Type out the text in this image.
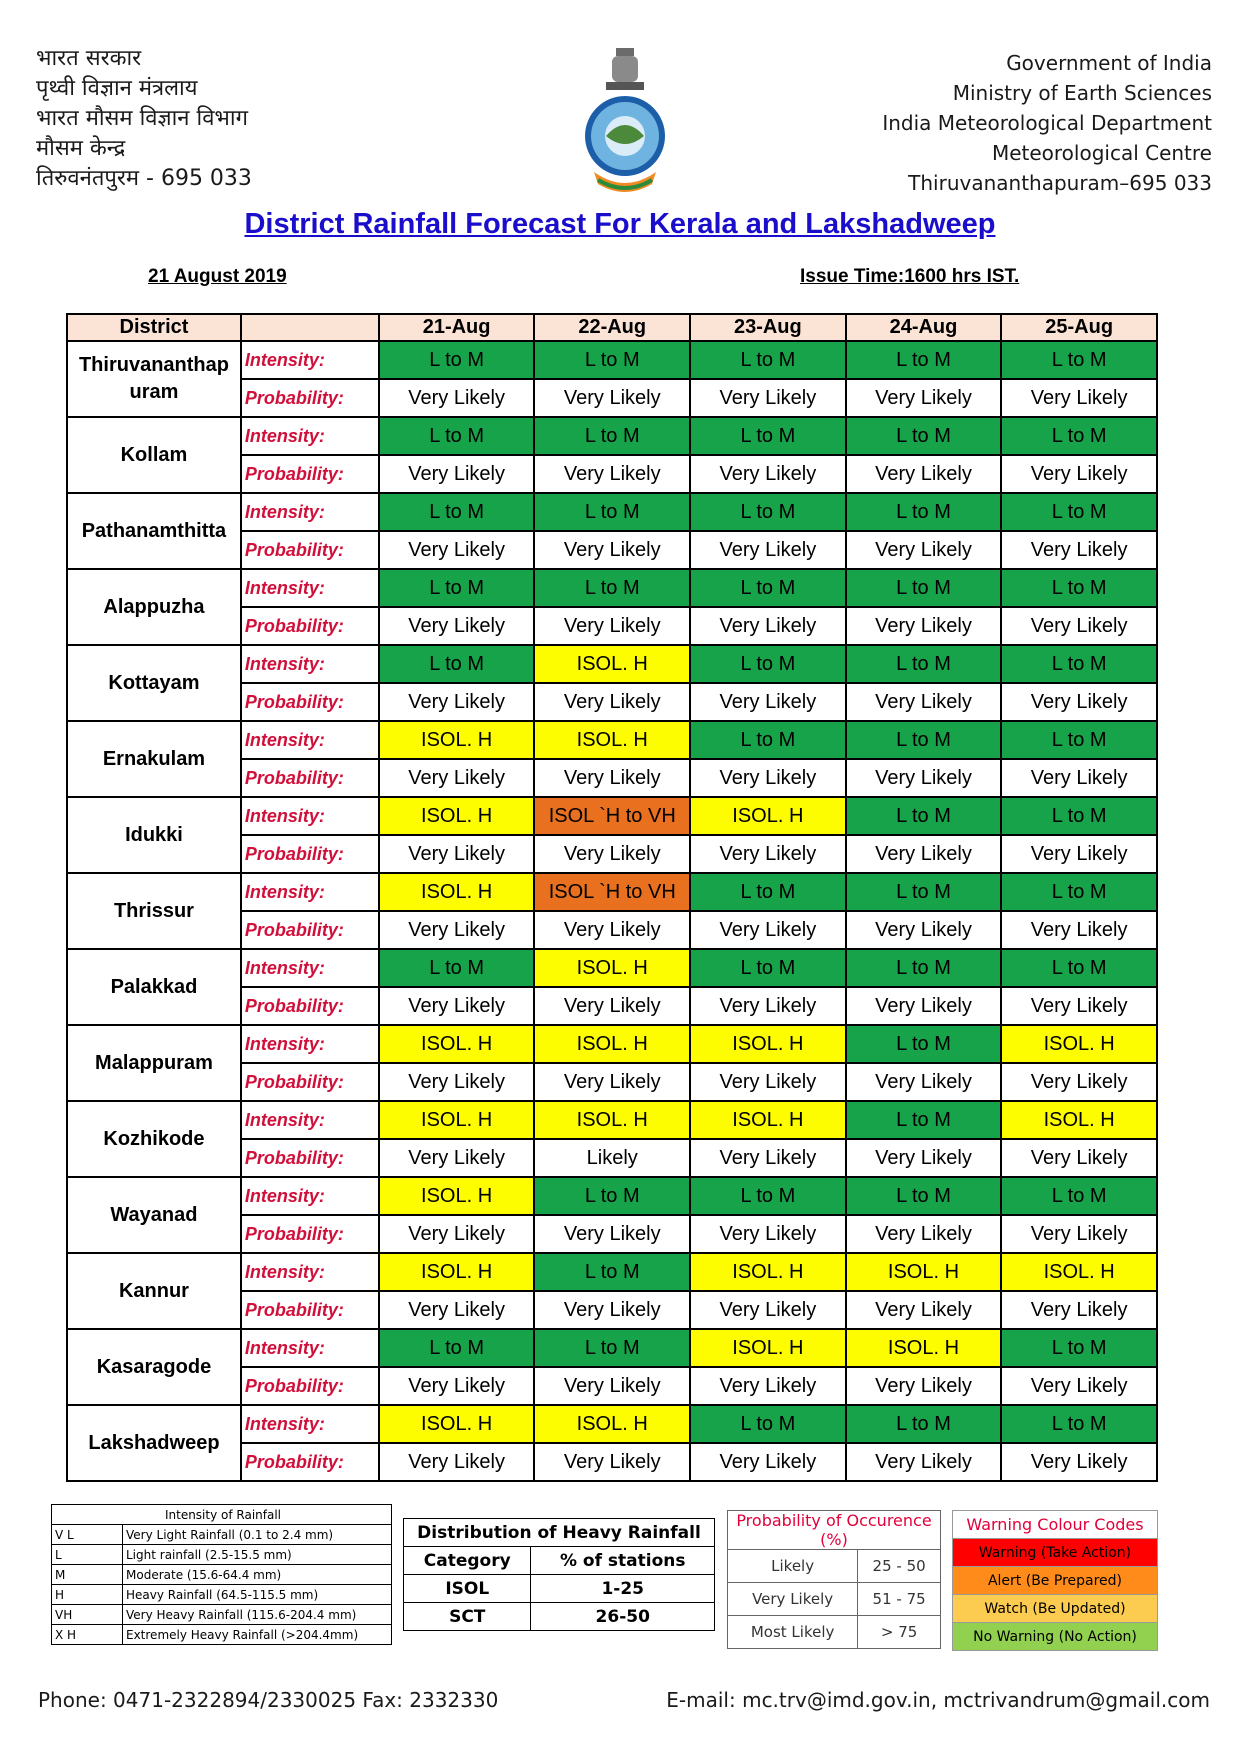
भारत सरकार
पृथ्वी विज्ञान मंत्रलाय
भारत मौसम विज्ञान विभाग
मौसम केन्द्र
तिरुवनंतपुरम - 695 033
Government of India
Ministry of Earth Sciences
India Meteorological Department
Meteorological Centre
Thiruvananthapuram–695 033
District Rainfall Forecast For Kerala and Lakshadweep
21 August 2019	Issue Time:1600 hrs IST.
District		21-Aug	22-Aug	23-Aug	24-Aug	25-Aug
Thiruvananthap uram	Intensity:	L to M	L to M	L to M	L to M	L to M
	Probability:	Very Likely	Very Likely	Very Likely	Very Likely	Very Likely
Kollam	Intensity:	L to M	L to M	L to M	L to M	L to M
	Probability:	Very Likely	Very Likely	Very Likely	Very Likely	Very Likely
Pathanamthitta	Intensity:	L to M	L to M	L to M	L to M	L to M
	Probability:	Very Likely	Very Likely	Very Likely	Very Likely	Very Likely
Alappuzha	Intensity:	L to M	L to M	L to M	L to M	L to M
	Probability:	Very Likely	Very Likely	Very Likely	Very Likely	Very Likely
Kottayam	Intensity:	L to M	ISOL. H	L to M	L to M	L to M
	Probability:	Very Likely	Very Likely	Very Likely	Very Likely	Very Likely
Ernakulam	Intensity:	ISOL. H	ISOL. H	L to M	L to M	L to M
	Probability:	Very Likely	Very Likely	Very Likely	Very Likely	Very Likely
Idukki	Intensity:	ISOL. H	ISOL `H to VH	ISOL. H	L to M	L to M
	Probability:	Very Likely	Very Likely	Very Likely	Very Likely	Very Likely
Thrissur	Intensity:	ISOL. H	ISOL `H to VH	L to M	L to M	L to M
	Probability:	Very Likely	Very Likely	Very Likely	Very Likely	Very Likely
Palakkad	Intensity:	L to M	ISOL. H	L to M	L to M	L to M
	Probability:	Very Likely	Very Likely	Very Likely	Very Likely	Very Likely
Malappuram	Intensity:	ISOL. H	ISOL. H	ISOL. H	L to M	ISOL. H
	Probability:	Very Likely	Very Likely	Very Likely	Very Likely	Very Likely
Kozhikode	Intensity:	ISOL. H	ISOL. H	ISOL. H	L to M	ISOL. H
	Probability:	Very Likely	Likely	Very Likely	Very Likely	Very Likely
Wayanad	Intensity:	ISOL. H	L to M	L to M	L to M	L to M
	Probability:	Very Likely	Very Likely	Very Likely	Very Likely	Very Likely
Kannur	Intensity:	ISOL. H	L to M	ISOL. H	ISOL. H	ISOL. H
	Probability:	Very Likely	Very Likely	Very Likely	Very Likely	Very Likely
Kasaragode	Intensity:	L to M	L to M	ISOL. H	ISOL. H	L to M
	Probability:	Very Likely	Very Likely	Very Likely	Very Likely	Very Likely
Lakshadweep	Intensity:	ISOL. H	ISOL. H	L to M	L to M	L to M
	Probability:	Very Likely	Very Likely	Very Likely	Very Likely	Very Likely
Intensity of Rainfall	
V L	Very Light Rainfall (0.1 to 2.4 mm)
L	Light rainfall (2.5-15.5 mm)
M	Moderate (15.6-64.4 mm)
H	Heavy Rainfall (64.5-115.5 mm)
VH	Very Heavy Rainfall (115.6-204.4 mm)
X H	Extremely Heavy Rainfall (>204.4mm)
Distribution of Heavy Rainfall	
Category	% of stations
ISOL	1-25
SCT	26-50
Probability of Occurence (%)	
Likely	25 - 50
Very Likely	51 - 75
Most Likely	> 75
Warning Colour Codes
Warning (Take Action)
Alert (Be Prepared)
Watch (Be Updated)
No Warning (No Action)
Phone: 0471-2322894/2330025 Fax: 2332330	E-mail: mc.trv@imd.gov.in, mctrivandrum@gmail.com
